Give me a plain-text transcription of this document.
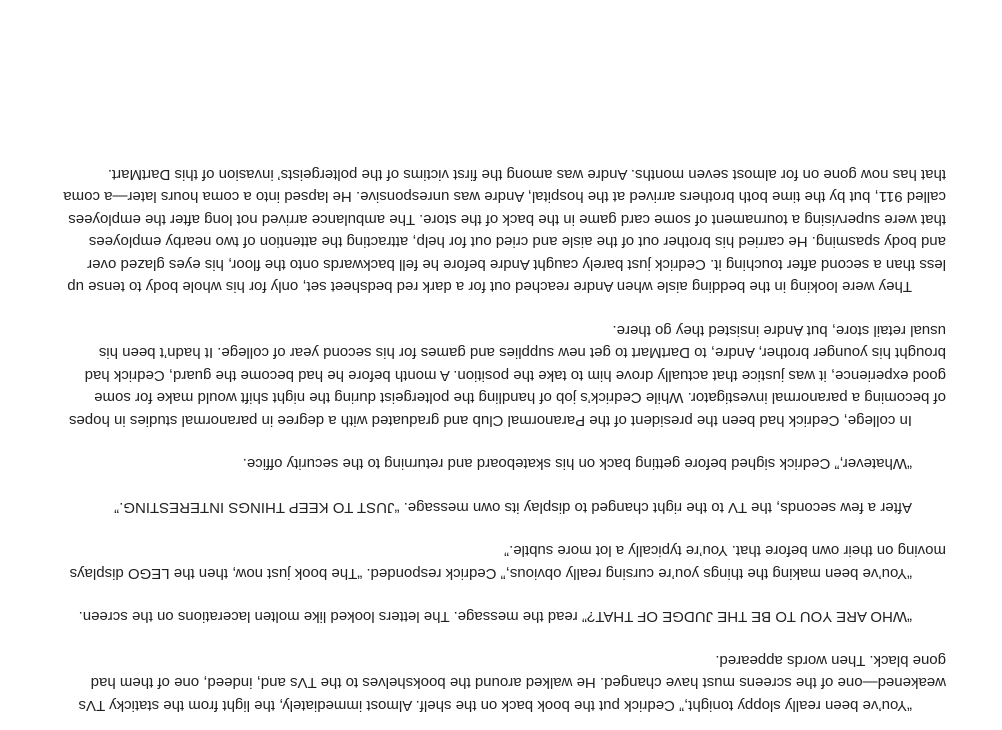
“You’ve been really sloppy tonight,” Cedrick put the book back on the shelf. Almost immediately, the light from the staticky TVs weakened—one of the screens must have changed. He walked around the bookshelves to the TVs and, indeed, one of them had gone black. Then words appeared.

“WHO ARE YOU TO BE THE JUDGE OF THAT?” read the message. The letters looked like molten lacerations on the screen.

“You’ve been making the things you’re cursing really obvious,” Cedrick responded. “The book just now, then the LEGO displays moving on their own before that. You’re typically a lot more subtle.”

After a few seconds, the TV to the right changed to display its own message. “JUST TO KEEP THINGS INTERESTING.”

“Whatever,” Cedrick sighed before getting back on his skateboard and returning to the security office.

In college, Cedrick had been the president of the Paranormal Club and graduated with a degree in paranormal studies in hopes of becoming a paranormal investigator. While Cedrick’s job of handling the poltergeist during the night shift would make for some good experience, it was justice that actually drove him to take the position. A month before he had become the guard, Cedrick had brought his younger brother, Andre, to DartMart to get new supplies and games for his second year of college. It hadn’t been his usual retail store, but Andre insisted they go there.

They were looking in the bedding aisle when Andre reached out for a dark red bedsheet set, only for his whole body to tense up less than a second after touching it. Cedrick just barely caught Andre before he fell backwards onto the floor, his eyes glazed over and body spasming. He carried his brother out of the aisle and cried out for help, attracting the attention of two nearby employees that were supervising a tournament of some card game in the back of the store. The ambulance arrived not long after the employees called 911, but by the time both brothers arrived at the hospital, Andre was unresponsive. He lapsed into a coma hours later—a coma that has now gone on for almost seven months. Andre was among the first victims of the poltergeists’ invasion of this DartMart.
